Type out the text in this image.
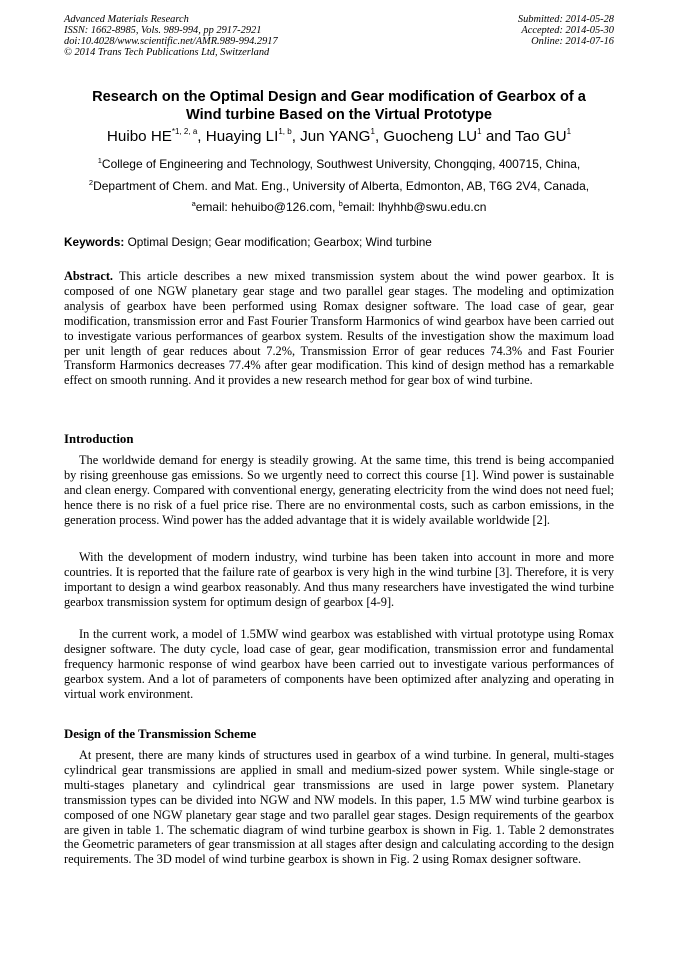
Advanced Materials Research
ISSN: 1662-8985, Vols. 989-994, pp 2917-2921
doi:10.4028/www.scientific.net/AMR.989-994.2917
© 2014 Trans Tech Publications Ltd, Switzerland
Submitted: 2014-05-28
Accepted: 2014-05-30
Online: 2014-07-16
Research on the Optimal Design and Gear modification of Gearbox of a
Wind turbine Based on the Virtual Prototype
Huibo HE$^{*1, 2, a}$, Huaying LI$^{1, b}$, Jun YANG$^1$, Guocheng $LU^1$ and Tao $GU^1$
$^1$College of Engineering and Technology, Southwest University, Chongqing, 400715, China,
$^2$Department of Chem. and Mat. Eng., University of Alberta, Edmonton, AB, T6G 2V4, Canada,
$^a$email: hehuibo@126.com, $^b$email: lhyhhb@swu.edu.cn
Keywords: Optimal Design; Gear modification; Gearbox; Wind turbine
Abstract. This article describes a new mixed transmission system about the wind power gearbox. It is composed of one NGW planetary gear stage and two parallel gear stages. The modeling and optimization analysis of gearbox have been performed using Romax designer software. The load case of gear, gear modification, transmission error and Fast Fourier Transform Harmonics of wind gearbox have been carried out to investigate various performances of gearbox system. Results of the investigation show the maximum load per unit length of gear reduces about 7.2%, Transmission Error of gear reduces 74.3% and Fast Fourier Transform Harmonics decreases 77.4% after gear modification. This kind of design method has a remarkable effect on smooth running. And it provides a new research method for gear box of wind turbine.
Introduction
The worldwide demand for energy is steadily growing. At the same time, this trend is being accompanied by rising greenhouse gas emissions. So we urgently need to correct this course [1]. Wind power is sustainable and clean energy. Compared with conventional energy, generating electricity from the wind does not need fuel; hence there is no risk of a fuel price rise. There are no environmental costs, such as carbon emissions, in the generation process. Wind power has the added advantage that it is widely available worldwide [2].
With the development of modern industry, wind turbine has been taken into account in more and more countries. It is reported that the failure rate of gearbox is very high in the wind turbine [3]. Therefore, it is very important to design a wind gearbox reasonably. And thus many researchers have investigated the wind turbine gearbox transmission system for optimum design of gearbox [4-9].
In the current work, a model of 1.5MW wind gearbox was established with virtual prototype using Romax designer software. The duty cycle, load case of gear, gear modification, transmission error and fundamental frequency harmonic response of wind gearbox have been carried out to investigate various performances of gearbox system. And a lot of parameters of components have been optimized after analyzing and operating in virtual work environment.
Design of the Transmission Scheme
At present, there are many kinds of structures used in gearbox of a wind turbine. In general, multi-stages cylindrical gear transmissions are applied in small and medium-sized power system. While single-stage or multi-stages planetary and cylindrical gear transmissions are used in large power system. Planetary transmission types can be divided into NGW and NW models. In this paper, 1.5 MW wind turbine gearbox is composed of one NGW planetary gear stage and two parallel gear stages. Design requirements of the gearbox are given in table 1. The schematic diagram of wind turbine gearbox is shown in Fig. 1. Table 2 demonstrates the Geometric parameters of gear transmission at all stages after design and calculating according to the design requirements. The 3D model of wind turbine gearbox is shown in Fig. 2 using Romax designer software.
